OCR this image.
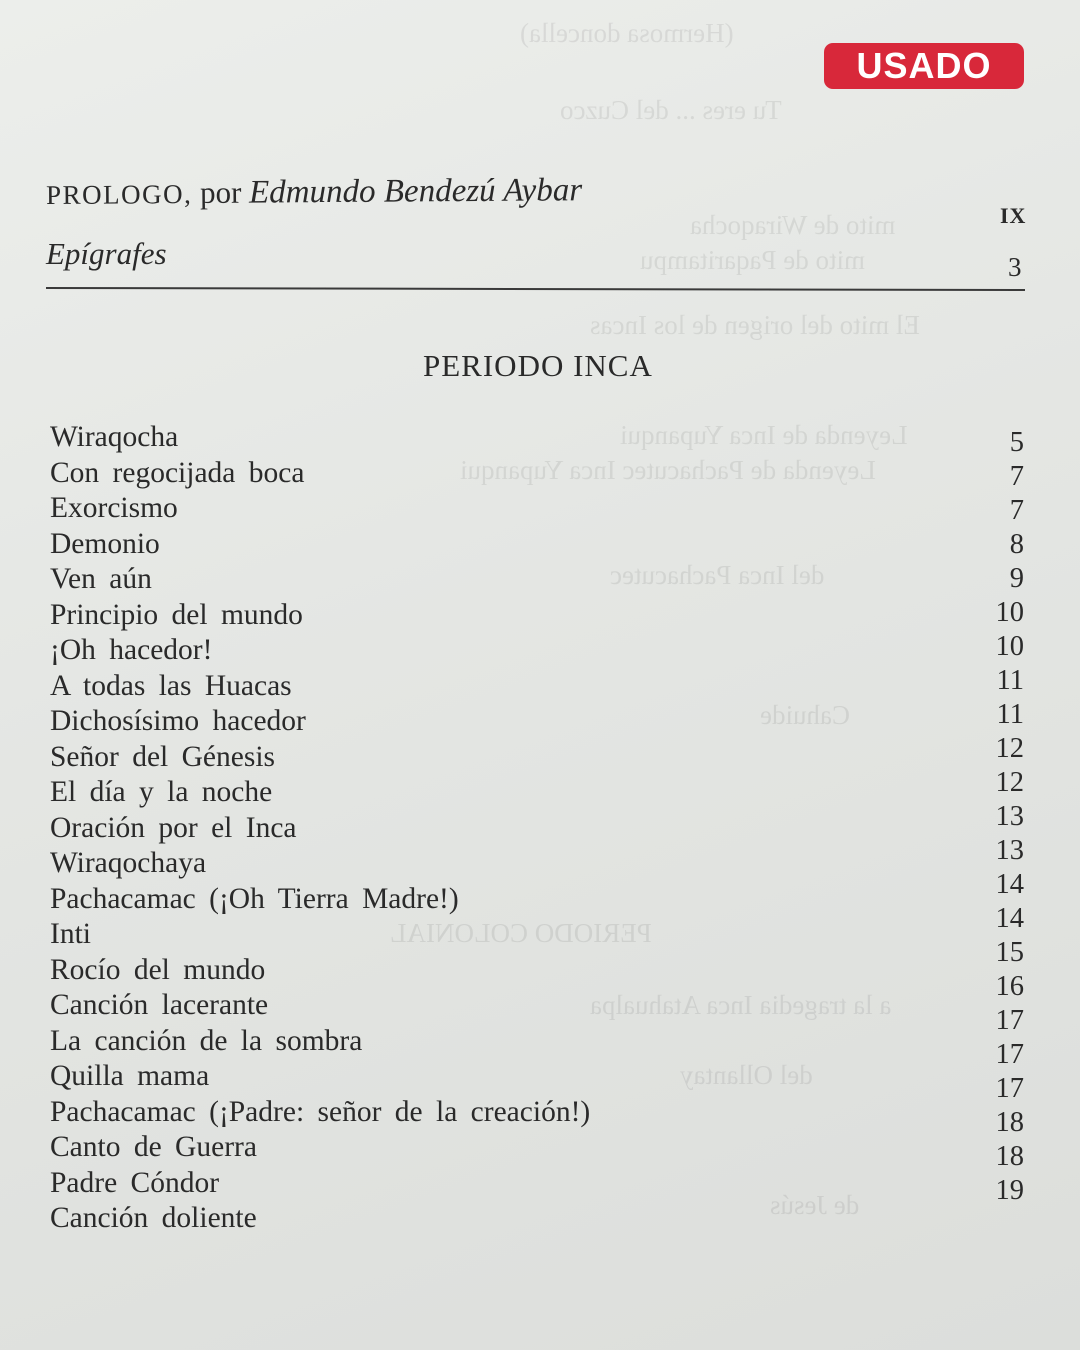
(Hermosa doncella)
Tu eres ... del Cuzco
mito de Wiraqocha
mito de Paqaritampu
El mito del origen de los Incas
Leyenda de Inca Yupanqui
Leyenda de Pachacutec Inca Yupanqui
del Inca Pachacutec
Cahuide
PERIODO COLONIAL
a la tragedia Inca Atahualpa
del Ollantay
de Jesús
USADO
PROLOGO, por Edmundo Bendezú Aybar
IX
Epígrafes	3
PERIODO INCA
Wiraqocha
Con regocijada boca
Exorcismo
Demonio
Ven aún
Principio del mundo
¡Oh hacedor!
A todas las Huacas
Dichosísimo hacedor
Señor del Génesis
El día y la noche
Oración por el Inca
Wiraqochaya
Pachacamac (¡Oh Tierra Madre!)
Inti
Rocío del mundo
Canción lacerante
La canción de la sombra
Quilla mama
Pachacamac (¡Padre: señor de la creación!)
Canto de Guerra
Padre Cóndor
Canción doliente
5
7
7
8
9
10
10
11
11
12
12
13
13
14
14
15
16
17
17
17
18
18
19
